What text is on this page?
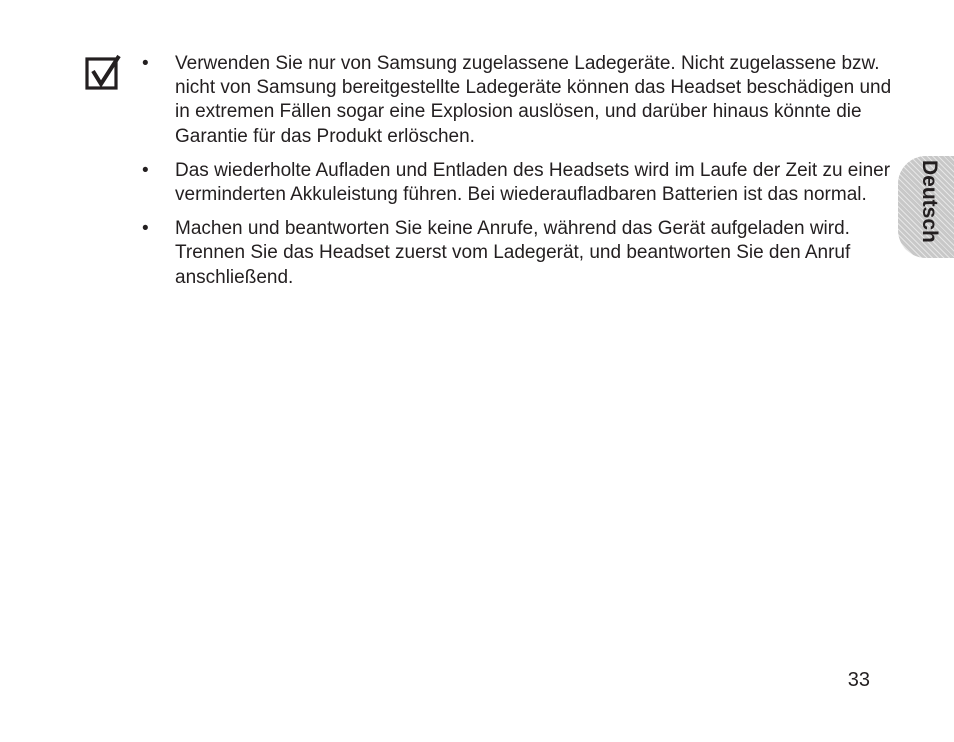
• Verwenden Sie nur von Samsung zugelassene Ladegeräte. Nicht zugelassene bzw. nicht von Samsung bereitgestellte Ladegeräte können das Headset beschädigen und in extremen Fällen sogar eine Explosion auslösen, und darüber hinaus könnte die Garantie für das Produkt erlöschen.
• Das wiederholte Aufladen und Entladen des Headsets wird im Laufe der Zeit zu einer verminderten Akkuleistung führen. Bei wiederaufladbaren Batterien ist das normal.
• Machen und beantworten Sie keine Anrufe, während das Gerät aufgeladen wird. Trennen Sie das Headset zuerst vom Ladegerät, und beantworten Sie den Anruf anschließend.
Deutsch
33
